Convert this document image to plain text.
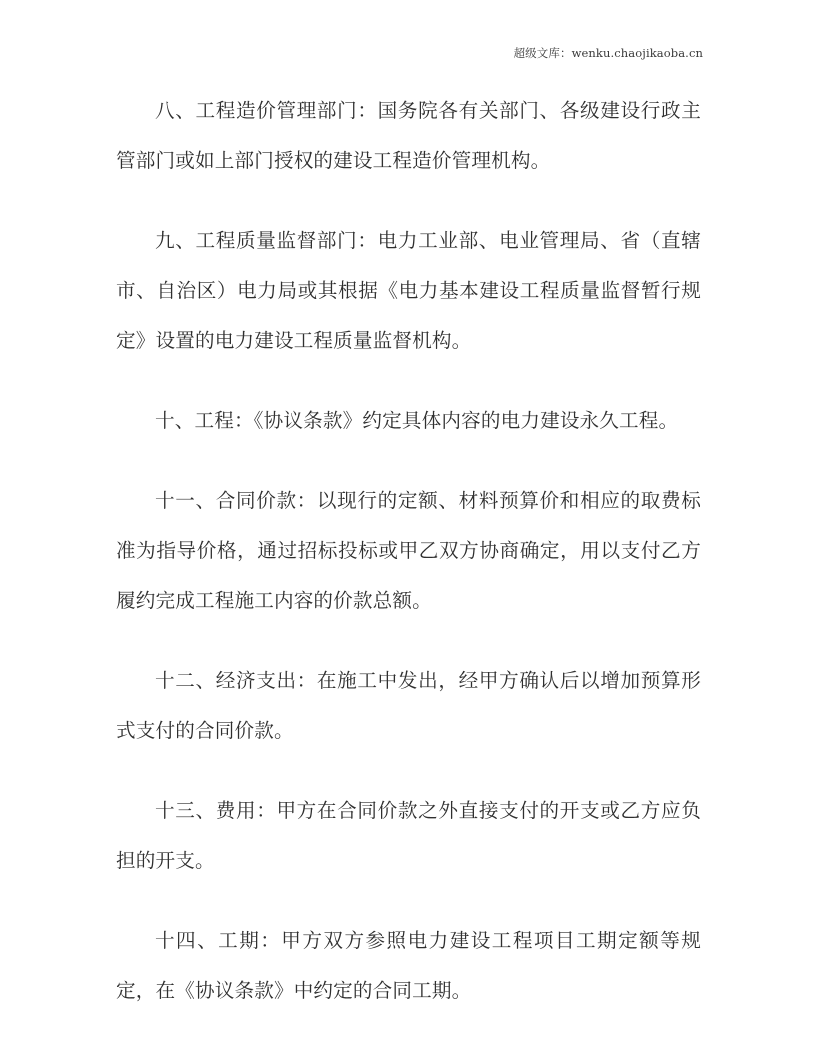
超级文库：wenku.chaojikaoba.cn

八、工程造价管理部门：国务院各有关部门、各级建设行政主管部门或如上部门授权的建设工程造价管理机构。

九、工程质量监督部门：电力工业部、电业管理局、省（直辖市、自治区）电力局或其根据《电力基本建设工程质量监督暂行规定》设置的电力建设工程质量监督机构。

十、工程：《协议条款》约定具体内容的电力建设永久工程。

十一、合同价款：以现行的定额、材料预算价和相应的取费标准为指导价格，通过招标投标或甲乙双方协商确定，用以支付乙方履约完成工程施工内容的价款总额。

十二、经济支出：在施工中发出，经甲方确认后以增加预算形式支付的合同价款。

十三、费用：甲方在合同价款之外直接支付的开支或乙方应负担的开支。

十四、工期：甲方双方参照电力建设工程项目工期定额等规定，在《协议条款》中约定的合同工期。
